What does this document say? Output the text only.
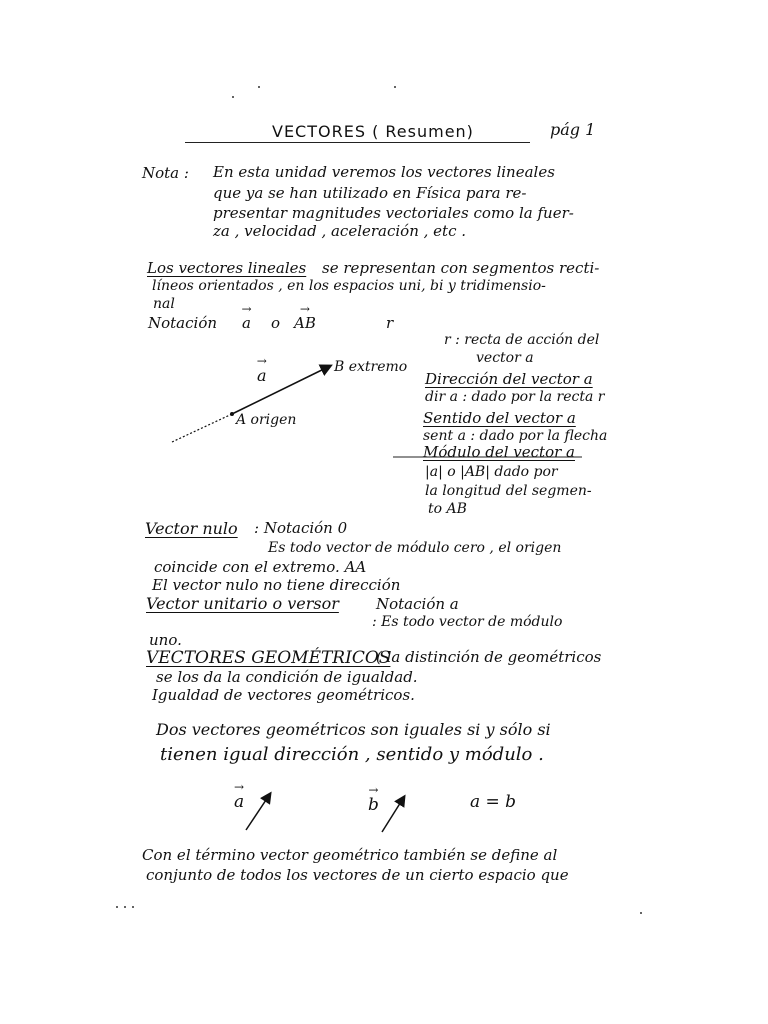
VECTORES ( Resumen)	pág 1
Nota : En esta unidad veremos los vectores lineales
que ya se han utilizado en Física para re-
presentar magnitudes vectoriales como la fuer-
za , velocidad , aceleración , etc .
Los vectores lineales se representan con segmentos recti-
líneos orientados , en los espacios uni, bi y tridimensio-
nal
Notación → a o → AB	r
→ a	B extremo
A origen
r : recta de acción del
vector a
Dirección del vector a
dir a : dado por la recta r
Sentido del vector a
sent a : dado por la flecha
Módulo del vector a
|a| o |AB| dado por
la longitud del segmen-
to AB
Vector nulo : Notación 0
Es todo vector de módulo cero , el origen
coincide con el extremo. AA
El vector nulo no tiene dirección
Vector unitario o versor Notación a
: Es todo vector de módulo
uno.
VECTORES GEOMÉTRICOS
( la distinción de geométricos
se los da la condición de igualdad.
Igualdad de vectores geométricos.
Dos vectores geométricos son iguales si y sólo si
tienen igual dirección , sentido y módulo .
→ a	→ b	a = b
Con el término vector geométrico también se define al
conjunto de todos los vectores de un cierto espacio que
